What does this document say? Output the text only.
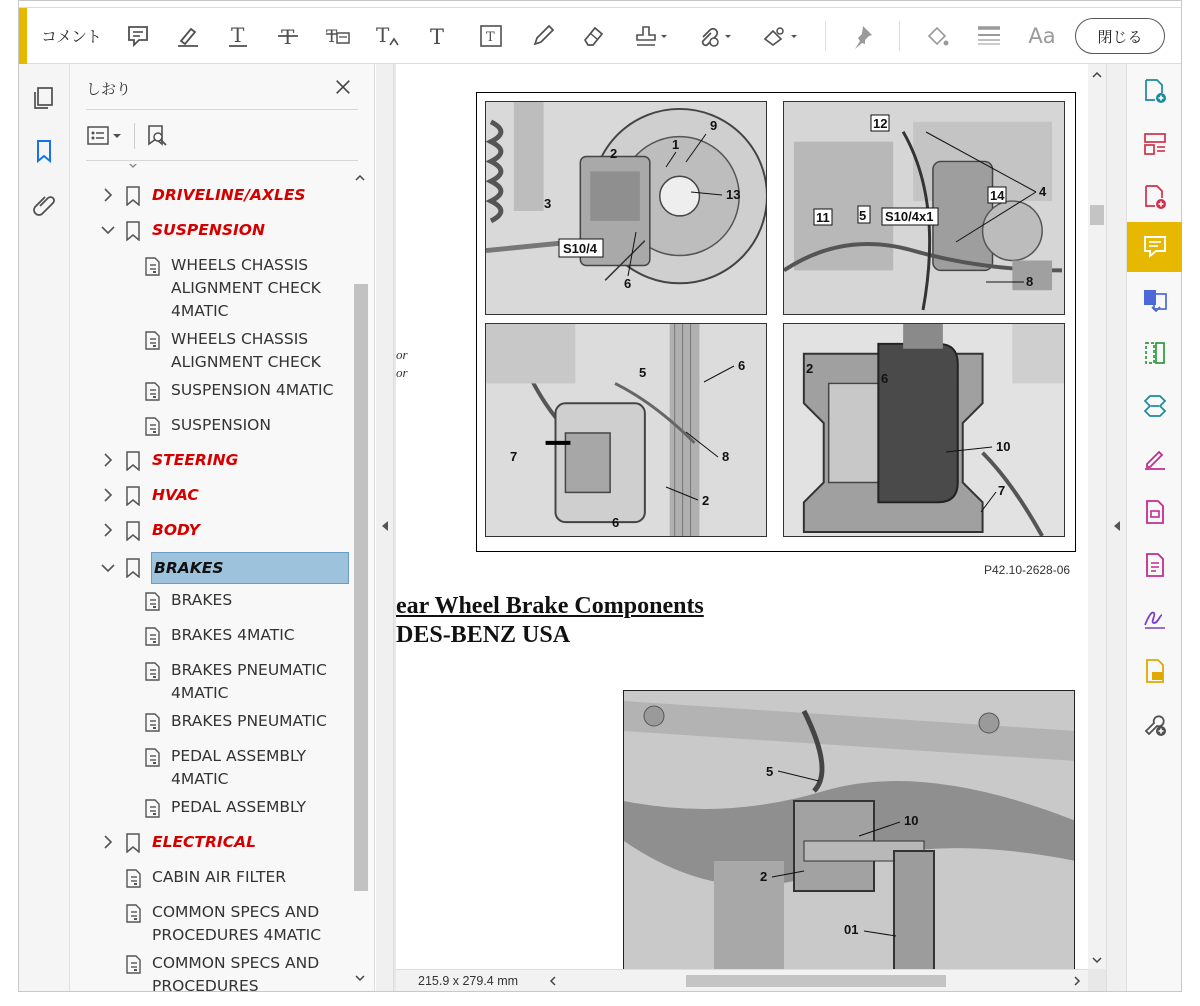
コメント	T T T T T	T	Aa	閉じる
しおり
DRIVELINE/AXLES
SUSPENSION
WHEELS CHASSIS
ALIGNMENT CHECK
4MATIC
WHEELS CHASSIS
ALIGNMENT CHECK
SUSPENSION 4MATIC
SUSPENSION
STEERING
HVAC
BODY
BRAKES
BRAKES
BRAKES 4MATIC
BRAKES PNEUMATIC
4MATIC
BRAKES PNEUMATIC
PEDAL ASSEMBLY
4MATIC
PEDAL ASSEMBLY
ELECTRICAL
CABIN AIR FILTER
COMMON SPECS AND
PROCEDURES 4MATIC
COMMON SPECS AND
PROCEDURES
9
1
2
3
13
S10/4
6
12
11 5 S10/4x1
14	4
8
5	6
7	8
2
6
2
6
10
7
P42.10-2628-06
or
or
ear Wheel Brake Components
DES-BENZ USA
5
10
2
01
215.9 x 279.4 mm
